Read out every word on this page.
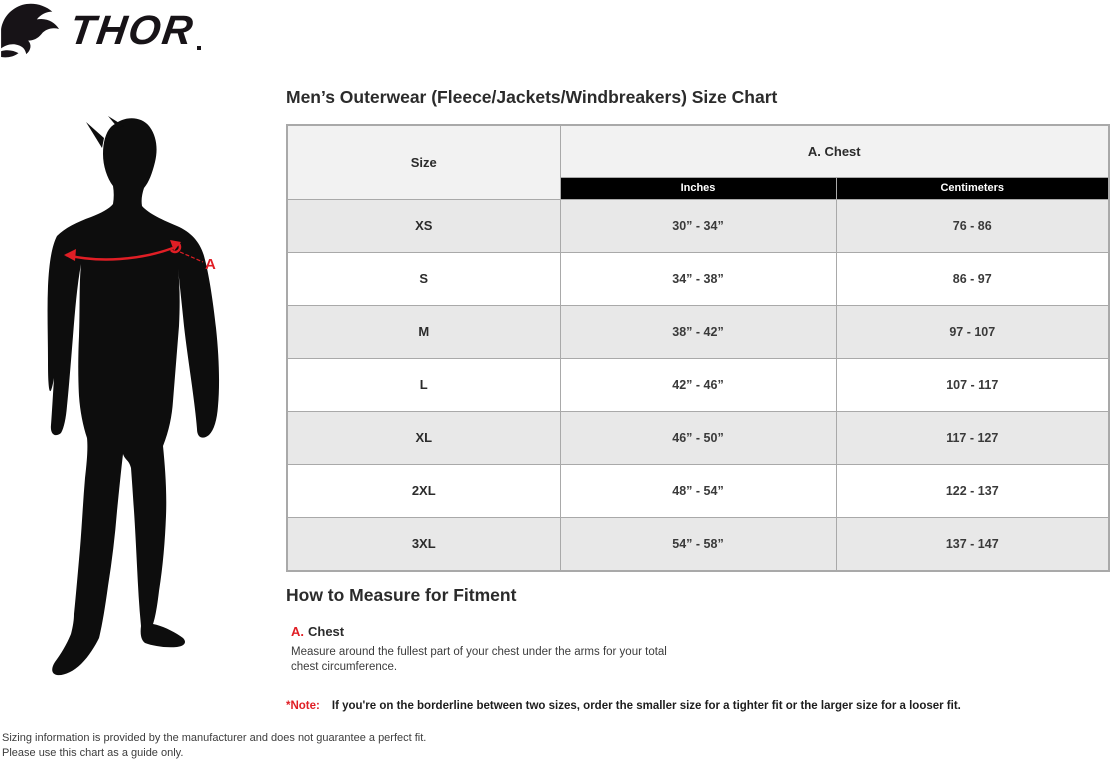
THOR
Men’s Outerwear (Fleece/Jackets/Windbreakers) Size Chart
A
Size	A. Chest	
	Inches	Centimeters
XS	30” - 34”	76 - 86
S	34” - 38”	86 - 97
M	38” - 42”	97 - 107
L	42” - 46”	107 - 117
XL	46” - 50”	117 - 127
2XL	48” - 54”	122 - 137
3XL	54” - 58”	137 - 147
How to Measure for Fitment
A. Chest
Measure around the fullest part of your chest under the arms for your total chest circumference.
*Note: If you're on the borderline between two sizes, order the smaller size for a tighter fit or the larger size for a looser fit.
Sizing information is provided by the manufacturer and does not guarantee a perfect fit.
Please use this chart as a guide only.
